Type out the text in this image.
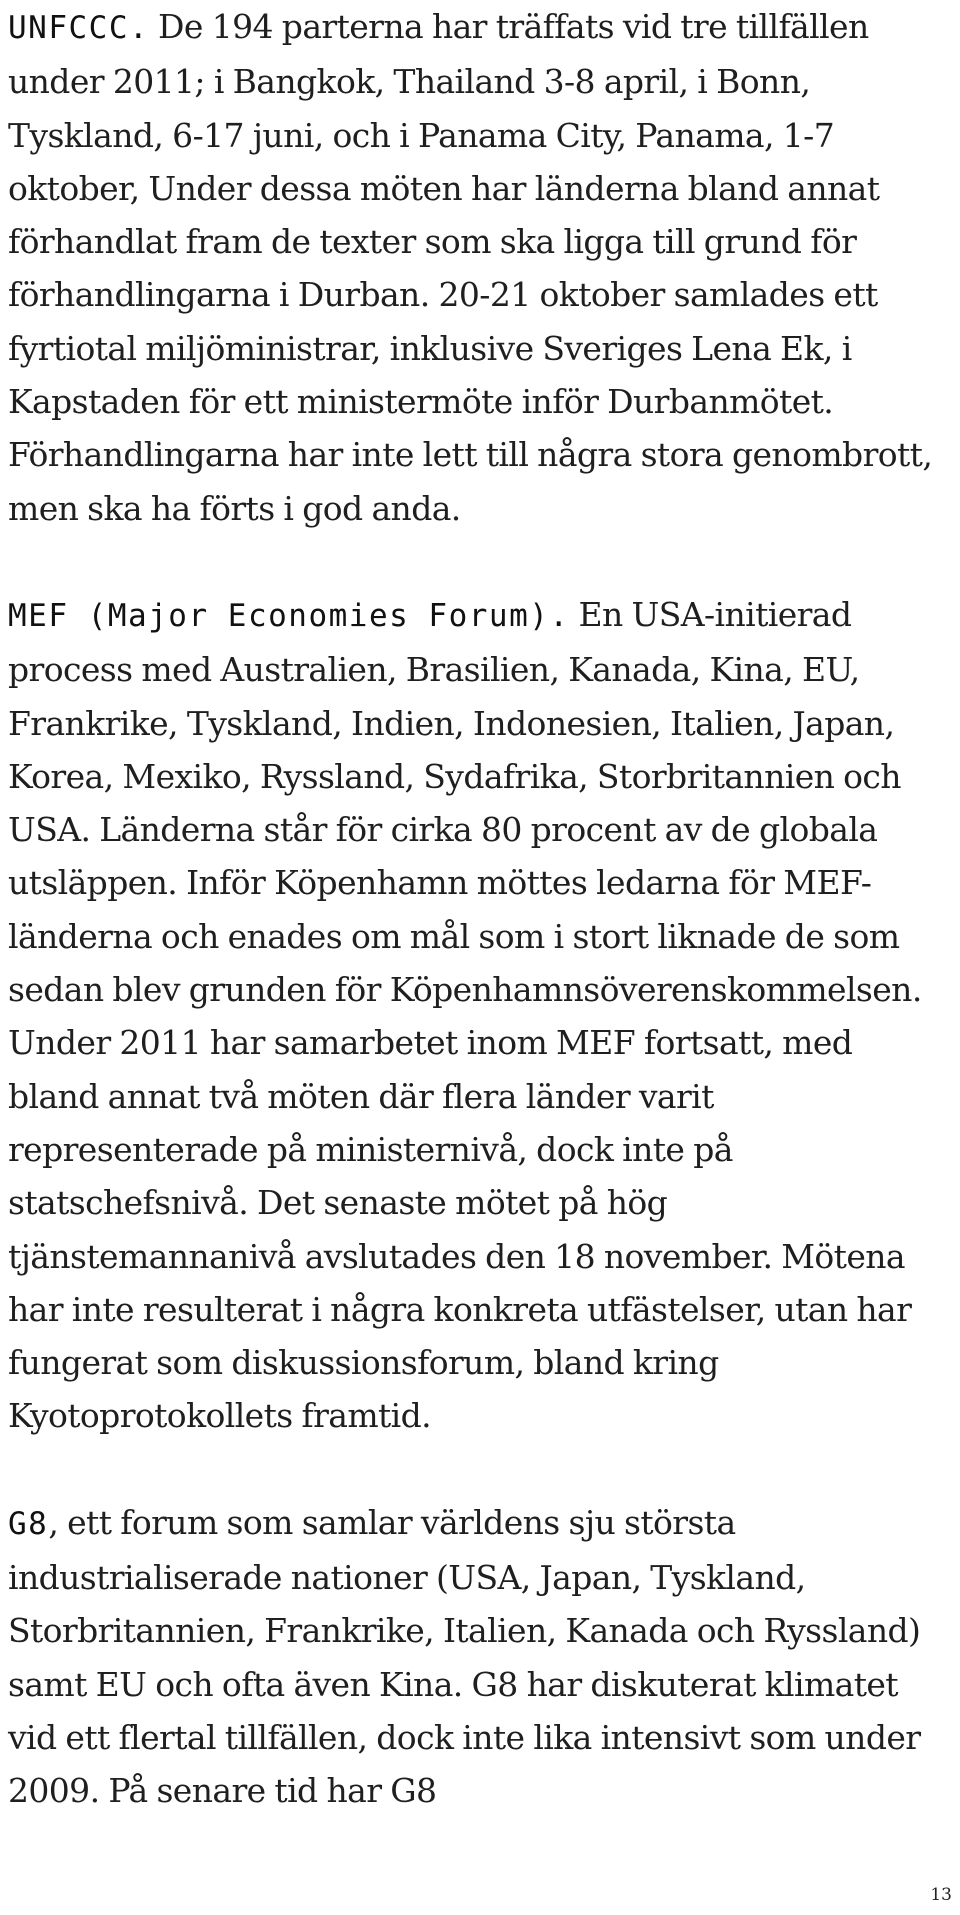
UNFCCC. De 194 parterna har träffats vid tre tillfällen under 2011; i Bangkok, Thailand 3-8 april, i Bonn, Tyskland, 6-17 juni, och i Panama City, Panama, 1-7 oktober, Under dessa möten har länderna bland annat förhandlat fram de texter som ska ligga till grund för förhandlingarna i Durban. 20-21 oktober samlades ett fyrtiotal miljöministrar, inklusive Sveriges Lena Ek, i Kapstaden för ett ministermöte inför Durbanmötet. Förhandlingarna har inte lett till några stora genombrott, men ska ha förts i god anda.

MEF (Major Economies Forum). En USA-initierad process med Australien, Brasilien, Kanada, Kina, EU, Frankrike, Tyskland, Indien, Indonesien, Italien, Japan, Korea, Mexiko, Ryssland, Sydafrika, Storbritannien och USA. Länderna står för cirka 80 procent av de globala utsläppen. Inför Köpenhamn möttes ledarna för MEF-länderna och enades om mål som i stort liknade de som sedan blev grunden för Köpenhamnsöverenskommelsen. Under 2011 har samarbetet inom MEF fortsatt, med bland annat två möten där flera länder varit representerade på ministernivå, dock inte på statschefsnivå. Det senaste mötet på hög tjänstemannanivå avslutades den 18 november. Mötena har inte resulterat i några konkreta utfästelser, utan har fungerat som diskussionsforum, bland kring Kyotoprotokollets framtid.

G8, ett forum som samlar världens sju största industrialiserade nationer (USA, Japan, Tyskland, Storbritannien, Frankrike, Italien, Kanada och Ryssland) samt EU och ofta även Kina. G8 har diskuterat klimatet vid ett flertal tillfällen, dock inte lika intensivt som under 2009. På senare tid har G8

13
